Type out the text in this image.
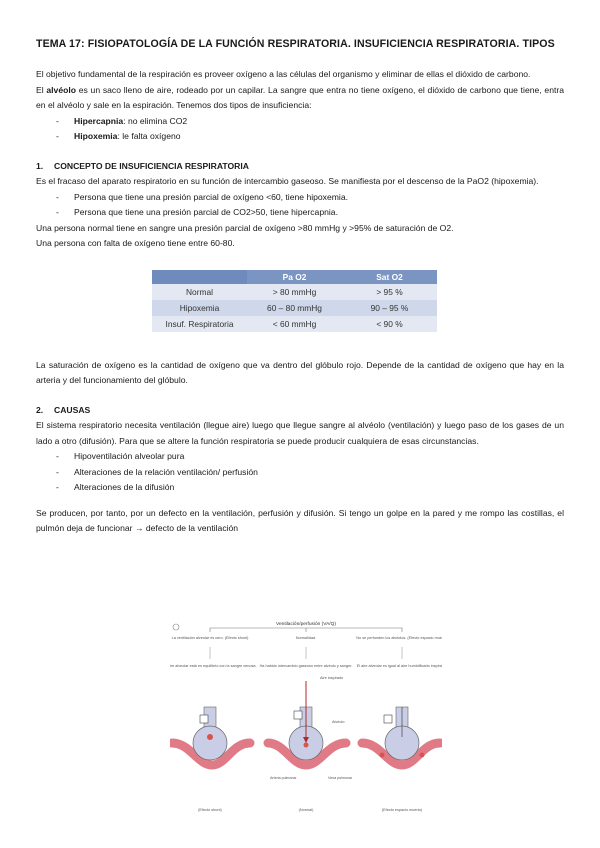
TEMA 17: FISIOPATOLOGÍA DE LA FUNCIÓN RESPIRATORIA. INSUFICIENCIA RESPIRATORIA. TIPOS

El objetivo fundamental de la respiración es proveer oxígeno a las células del organismo y eliminar de ellas el dióxido de carbono.

El alvéolo es un saco lleno de aire, rodeado por un capilar. La sangre que entra no tiene oxígeno, el dióxido de carbono que tiene, entra en el alvéolo y sale en la espiración. Tenemos dos tipos de insuficiencia:

- Hipercapnia: no elimina CO2
- Hipoxemia: le falta oxígeno
1. CONCEPTO DE INSUFICIENCIA RESPIRATORIA

Es el fracaso del aparato respiratorio en su función de intercambio gaseoso. Se manifiesta por el descenso de la PaO2 (hipoxemia).

- Persona que tiene una presión parcial de oxígeno <60, tiene hipoxemia.
- Persona que tiene una presión parcial de CO2>50, tiene hipercapnia.

Una persona normal tiene en sangre una presión parcial de oxígeno >80 mmHg y >95% de saturación de O2.

Una persona con falta de oxígeno tiene entre 60-80.

	Pa O2	Sat O2
Normal	> 80 mmHg	> 95 %
Hipoxemia	60 – 80 mmHg	90 – 95 %
Insuf. Respiratoria	< 60 mmHg	< 90 %

La saturación de oxígeno es la cantidad de oxígeno que va dentro del glóbulo rojo. Depende de la cantidad de oxígeno que hay en la arteria y del funcionamiento del glóbulo.

2. CAUSAS

El sistema respiratorio necesita ventilación (llegue aire) luego que llegue sangre al alvéolo (ventilación) y luego paso de los gases de un lado a otro (difusión). Para que se altere la función respiratoria se puede producir cualquiera de esas circunstancias.

- Hipoventilación alveolar pura
- Alteraciones de la relación ventilación/ perfusión
- Alteraciones de la difusión

Se producen, por tanto, por un defecto en la ventilación, perfusión y difusión. Si tengo un golpe en la pared y me rompo las costillas, el pulmón deja de funcionar → defecto de la ventilación

Ventilación/perfusión (VA/Q)
La ventilación alveolar es cero. (Efecto shunt)	Normalidad.	No se perfunden los alvéolos. (Efecto espacio muerto)
El aire alveolar está en equilibrio con la sangre venosa. Ha habido intercambio gaseoso entre alvéolo y sangre. El aire alveolar es igual al aire humidificado inspirado.
Aire inspirado
Alvéolo
Arteria pulmonar	Vena pulmonar
(Efecto shunt)	(Normal)	(Efecto espacio muerto)
